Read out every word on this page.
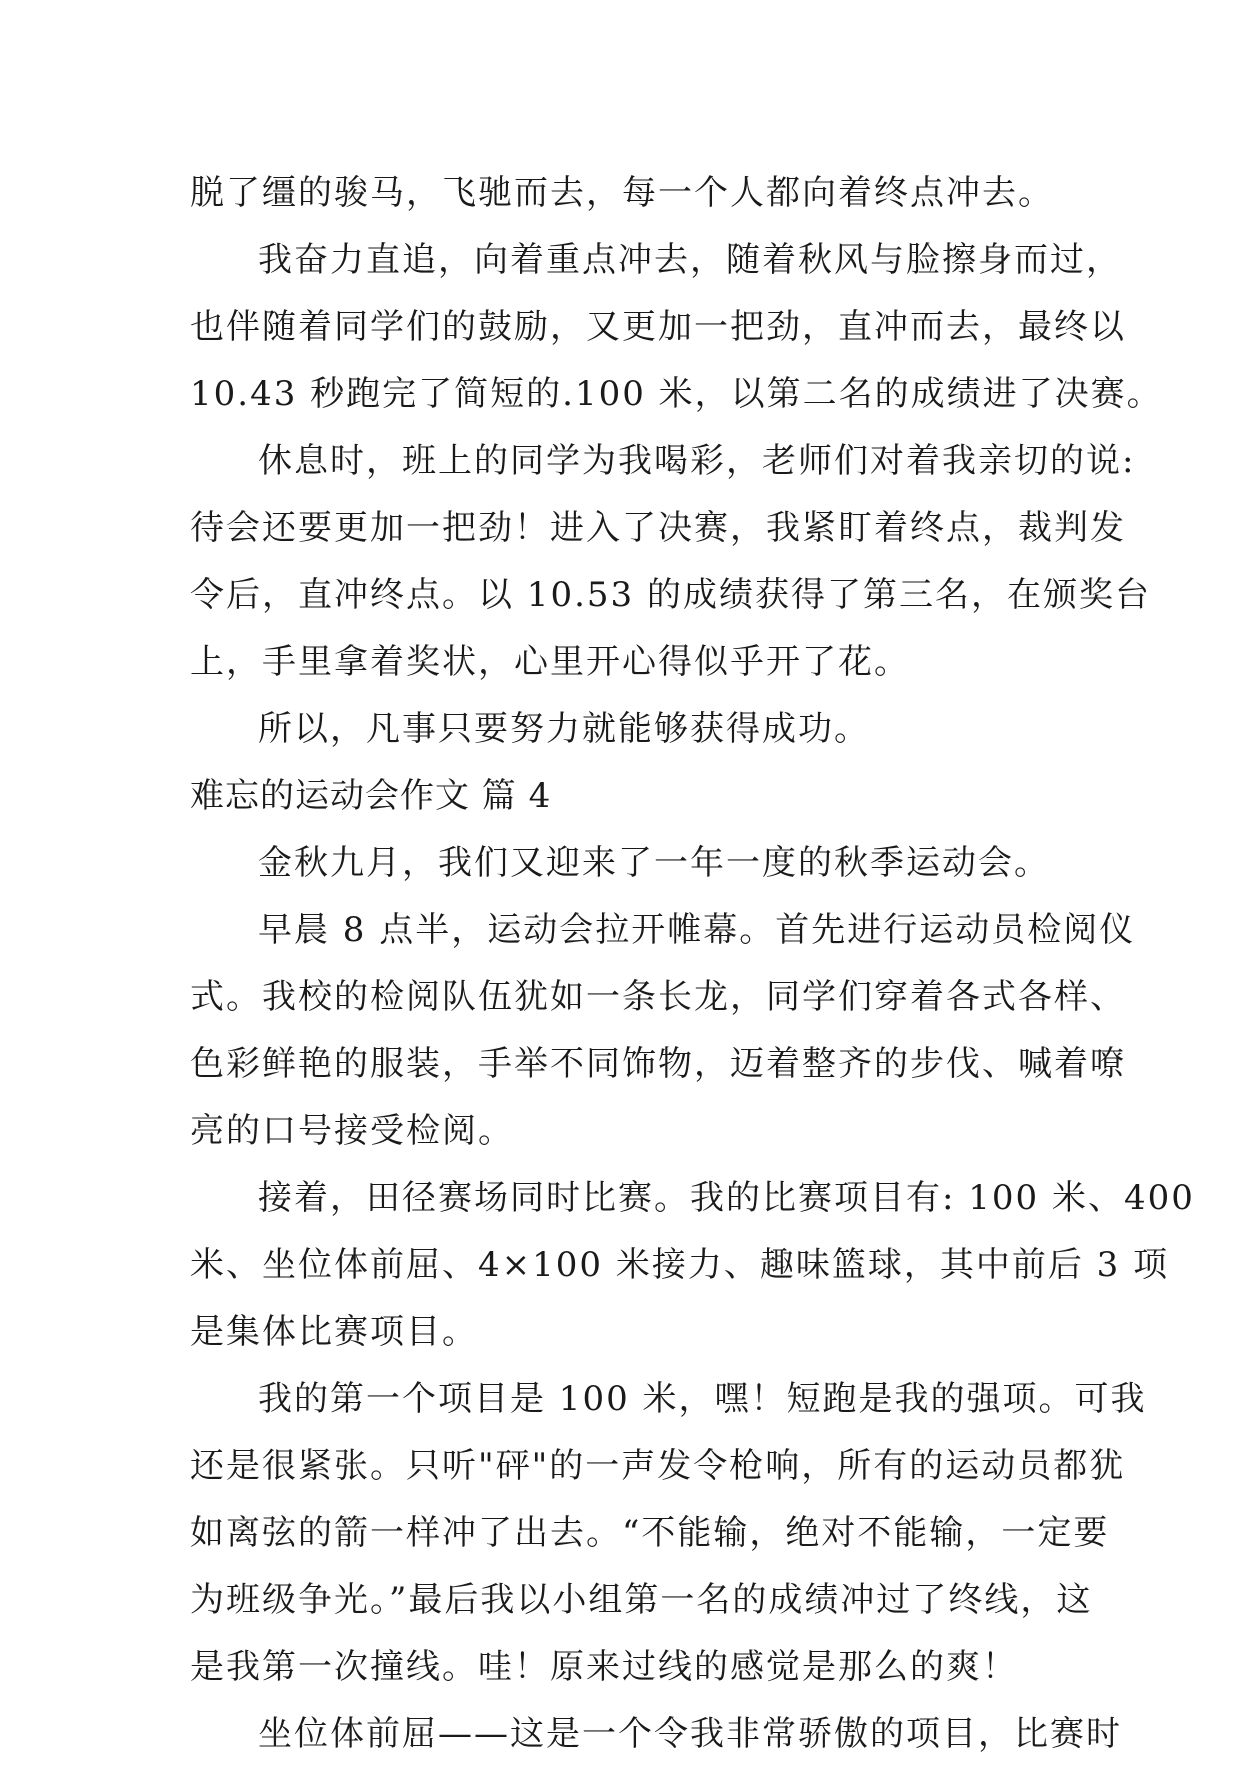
脱了缰的骏马，飞驰而去，每一个人都向着终点冲去。
我奋力直追，向着重点冲去，随着秋风与脸擦身而过，
也伴随着同学们的鼓励，又更加一把劲，直冲而去，最终以
10.43 秒跑完了简短的.100 米，以第二名的成绩进了决赛。
休息时，班上的同学为我喝彩，老师们对着我亲切的说:
待会还要更加一把劲！进入了决赛，我紧盯着终点，裁判发
令后，直冲终点。以 10.53 的成绩获得了第三名，在颁奖台
上，手里拿着奖状，心里开心得似乎开了花。
所以，凡事只要努力就能够获得成功。
难忘的运动会作文 篇 4
金秋九月，我们又迎来了一年一度的秋季运动会。
早晨 8 点半，运动会拉开帷幕。首先进行运动员检阅仪
式。我校的检阅队伍犹如一条长龙，同学们穿着各式各样、
色彩鲜艳的服装，手举不同饰物，迈着整齐的步伐、喊着嘹
亮的口号接受检阅。
接着，田径赛场同时比赛。我的比赛项目有: 100 米、400
米、坐位体前屈、4×100 米接力、趣味篮球，其中前后 3 项
是集体比赛项目。
我的第一个项目是 100 米，嘿！短跑是我的强项。可我
还是很紧张。只听"砰"的一声发令枪响，所有的运动员都犹
如离弦的箭一样冲了出去。“不能输，绝对不能输，一定要
为班级争光。”最后我以小组第一名的成绩冲过了终线，这
是我第一次撞线。哇！原来过线的感觉是那么的爽！
坐位体前屈——这是一个令我非常骄傲的项目，比赛时
